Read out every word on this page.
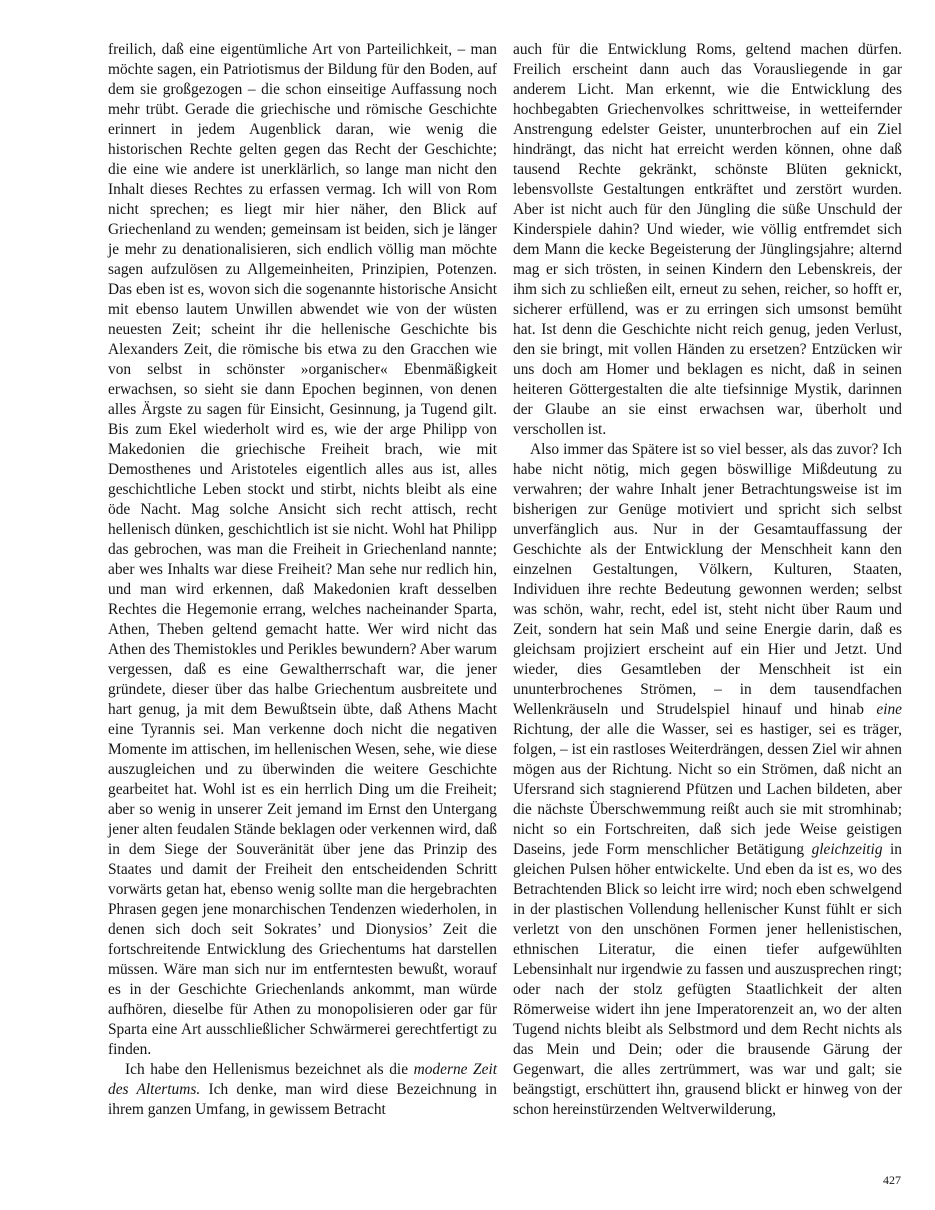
freilich, daß eine eigentümliche Art von Parteilichkeit, – man möchte sagen, ein Patriotismus der Bildung für den Boden, auf dem sie großgezogen – die schon einseitige Auffassung noch mehr trübt. Gerade die griechische und römische Geschichte erinnert in jedem Augenblick daran, wie wenig die historischen Rechte gelten gegen das Recht der Geschichte; die eine wie andere ist unerklärlich, so lange man nicht den Inhalt dieses Rechtes zu erfassen vermag. Ich will von Rom nicht sprechen; es liegt mir hier näher, den Blick auf Griechenland zu wenden; gemeinsam ist beiden, sich je länger je mehr zu denationalisieren, sich endlich völlig man möchte sagen aufzulösen zu Allgemeinheiten, Prinzipien, Potenzen. Das eben ist es, wovon sich die sogenannte historische Ansicht mit ebenso lautem Unwillen abwendet wie von der wüsten neuesten Zeit; scheint ihr die hellenische Geschichte bis Alexanders Zeit, die römische bis etwa zu den Gracchen wie von selbst in schönster »organischer« Ebenmäßigkeit erwachsen, so sieht sie dann Epochen beginnen, von denen alles Ärgste zu sagen für Einsicht, Gesinnung, ja Tugend gilt. Bis zum Ekel wiederholt wird es, wie der arge Philipp von Makedonien die griechische Freiheit brach, wie mit Demosthenes und Aristoteles eigentlich alles aus ist, alles geschichtliche Leben stockt und stirbt, nichts bleibt als eine öde Nacht. Mag solche Ansicht sich recht attisch, recht hellenisch dünken, geschichtlich ist sie nicht. Wohl hat Philipp das gebrochen, was man die Freiheit in Griechenland nannte; aber wes Inhalts war diese Freiheit? Man sehe nur redlich hin, und man wird erkennen, daß Makedonien kraft desselben Rechtes die Hegemonie errang, welches nacheinander Sparta, Athen, Theben geltend gemacht hatte. Wer wird nicht das Athen des Themistokles und Perikles bewundern? Aber warum vergessen, daß es eine Gewaltherrschaft war, die jener gründete, dieser über das halbe Griechentum ausbreitete und hart genug, ja mit dem Bewußtsein übte, daß Athens Macht eine Tyrannis sei. Man verkenne doch nicht die negativen Momente im attischen, im hellenischen Wesen, sehe, wie diese auszugleichen und zu überwinden die weitere Geschichte gearbeitet hat. Wohl ist es ein herrlich Ding um die Freiheit; aber so wenig in unserer Zeit jemand im Ernst den Untergang jener alten feudalen Stände beklagen oder verkennen wird, daß in dem Siege der Souveränität über jene das Prinzip des Staates und damit der Freiheit den entscheidenden Schritt vorwärts getan hat, ebenso wenig sollte man die hergebrachten Phrasen gegen jene monarchischen Tendenzen wiederholen, in denen sich doch seit Sokrates’ und Dionysios’ Zeit die fortschreitende Entwicklung des Griechentums hat darstellen müssen. Wäre man sich nur im entferntesten bewußt, worauf es in der Geschichte Griechenlands ankommt, man würde aufhören, dieselbe für Athen zu monopolisieren oder gar für Sparta eine Art ausschließlicher Schwärmerei gerechtfertigt zu finden.

Ich habe den Hellenismus bezeichnet als die moderne Zeit des Altertums. Ich denke, man wird diese Bezeichnung in ihrem ganzen Umfang, in gewissem Betracht

auch für die Entwicklung Roms, geltend machen dürfen. Freilich erscheint dann auch das Vorausliegende in gar anderem Licht. Man erkennt, wie die Entwicklung des hochbegabten Griechenvolkes schrittweise, in wetteifernder Anstrengung edelster Geister, ununterbrochen auf ein Ziel hindrängt, das nicht hat erreicht werden können, ohne daß tausend Rechte gekränkt, schönste Blüten geknickt, lebensvollste Gestaltungen entkräftet und zerstört wurden. Aber ist nicht auch für den Jüngling die süße Unschuld der Kinderspiele dahin? Und wieder, wie völlig entfremdet sich dem Mann die kecke Begeisterung der Jünglingsjahre; alternd mag er sich trösten, in seinen Kindern den Lebenskreis, der ihm sich zu schließen eilt, erneut zu sehen, reicher, so hofft er, sicherer erfüllend, was er zu erringen sich umsonst bemüht hat. Ist denn die Geschichte nicht reich genug, jeden Verlust, den sie bringt, mit vollen Händen zu ersetzen? Entzücken wir uns doch am Homer und beklagen es nicht, daß in seinen heiteren Göttergestalten die alte tiefsinnige Mystik, darinnen der Glaube an sie einst erwachsen war, überholt und verschollen ist.

Also immer das Spätere ist so viel besser, als das zuvor? Ich habe nicht nötig, mich gegen böswillige Mißdeutung zu verwahren; der wahre Inhalt jener Betrachtungsweise ist im bisherigen zur Genüge motiviert und spricht sich selbst unverfänglich aus. Nur in der Gesamtauffassung der Geschichte als der Entwicklung der Menschheit kann den einzelnen Gestaltungen, Völkern, Kulturen, Staaten, Individuen ihre rechte Bedeutung gewonnen werden; selbst was schön, wahr, recht, edel ist, steht nicht über Raum und Zeit, sondern hat sein Maß und seine Energie darin, daß es gleichsam projiziert erscheint auf ein Hier und Jetzt. Und wieder, dies Gesamtleben der Menschheit ist ein ununterbrochenes Strömen, – in dem tausendfachen Wellenkräuseln und Strudelspiel hinauf und hinab eine Richtung, der alle die Wasser, sei es hastiger, sei es träger, folgen, – ist ein rastloses Weiterdrängen, dessen Ziel wir ahnen mögen aus der Richtung. Nicht so ein Strömen, daß nicht an Ufersrand sich stagnierend Pfützen und Lachen bildeten, aber die nächste Überschwemmung reißt auch sie mit stromhinab; nicht so ein Fortschreiten, daß sich jede Weise geistigen Daseins, jede Form menschlicher Betätigung gleichzeitig in gleichen Pulsen höher entwickelte. Und eben da ist es, wo des Betrachtenden Blick so leicht irre wird; noch eben schwelgend in der plastischen Vollendung hellenischer Kunst fühlt er sich verletzt von den unschönen Formen jener hellenistischen, ethnischen Literatur, die einen tiefer aufgewühlten Lebensinhalt nur irgendwie zu fassen und auszusprechen ringt; oder nach der stolz gefügten Staatlichkeit der alten Römerweise widert ihn jene Imperatorenzeit an, wo der alten Tugend nichts bleibt als Selbstmord und dem Recht nichts als das Mein und Dein; oder die brausende Gärung der Gegenwart, die alles zertrümmert, was war und galt; sie beängstigt, erschüttert ihn, grausend blickt er hinweg von der schon hereinstürzenden Weltverwilderung,

427
